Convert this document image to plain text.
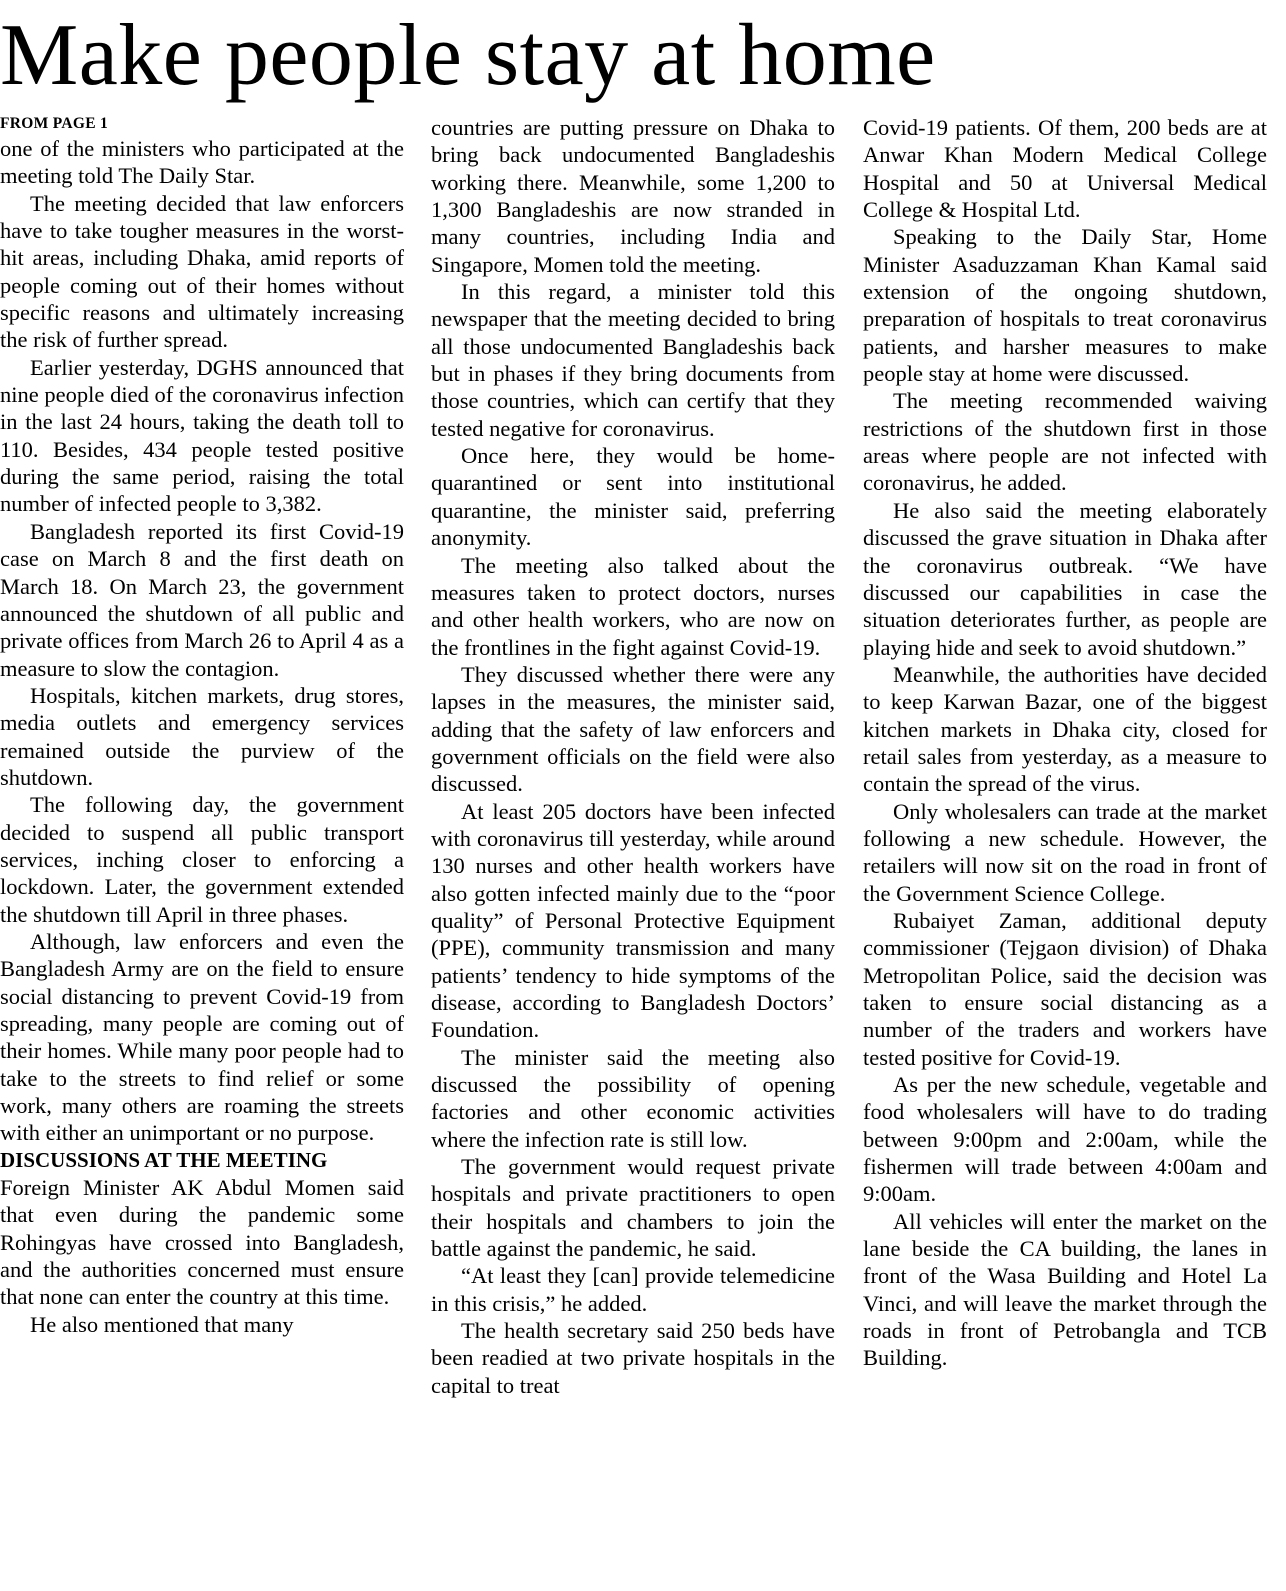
Make people stay at home
FROM PAGE 1

one of the ministers who participated at the meeting told The Daily Star.

The meeting decided that law enforcers have to take tougher measures in the worst-hit areas, including Dhaka, amid reports of people coming out of their homes without specific reasons and ultimately increasing the risk of further spread.

Earlier yesterday, DGHS announced that nine people died of the coronavirus infection in the last 24 hours, taking the death toll to 110. Besides, 434 people tested positive during the same period, raising the total number of infected people to 3,382.

Bangladesh reported its first Covid-19 case on March 8 and the first death on March 18. On March 23, the government announced the shutdown of all public and private offices from March 26 to April 4 as a measure to slow the contagion.

Hospitals, kitchen markets, drug stores, media outlets and emergency services remained outside the purview of the shutdown.

The following day, the government decided to suspend all public transport services, inching closer to enforcing a lockdown. Later, the government extended the shutdown till April in three phases.

Although, law enforcers and even the Bangladesh Army are on the field to ensure social distancing to prevent Covid-19 from spreading, many people are coming out of their homes. While many poor people had to take to the streets to find relief or some work, many others are roaming the streets with either an unimportant or no purpose.

DISCUSSIONS AT THE MEETING

Foreign Minister AK Abdul Momen said that even during the pandemic some Rohingyas have crossed into Bangladesh, and the authorities concerned must ensure that none can enter the country at this time.

He also mentioned that many

countries are putting pressure on Dhaka to bring back undocumented Bangladeshis working there. Meanwhile, some 1,200 to 1,300 Bangladeshis are now stranded in many countries, including India and Singapore, Momen told the meeting.

In this regard, a minister told this newspaper that the meeting decided to bring all those undocumented Bangladeshis back but in phases if they bring documents from those countries, which can certify that they tested negative for coronavirus.

Once here, they would be home-quarantined or sent into institutional quarantine, the minister said, preferring anonymity.

The meeting also talked about the measures taken to protect doctors, nurses and other health workers, who are now on the frontlines in the fight against Covid-19.

They discussed whether there were any lapses in the measures, the minister said, adding that the safety of law enforcers and government officials on the field were also discussed.

At least 205 doctors have been infected with coronavirus till yesterday, while around 130 nurses and other health workers have also gotten infected mainly due to the “poor quality” of Personal Protective Equipment (PPE), community transmission and many patients’ tendency to hide symptoms of the disease, according to Bangladesh Doctors’ Foundation.

The minister said the meeting also discussed the possibility of opening factories and other economic activities where the infection rate is still low.

The government would request private hospitals and private practitioners to open their hospitals and chambers to join the battle against the pandemic, he said.

“At least they [can] provide telemedicine in this crisis,” he added.

The health secretary said 250 beds have been readied at two private hospitals in the capital to treat

Covid-19 patients. Of them, 200 beds are at Anwar Khan Modern Medical College Hospital and 50 at Universal Medical College & Hospital Ltd.

Speaking to the Daily Star, Home Minister Asaduzzaman Khan Kamal said extension of the ongoing shutdown, preparation of hospitals to treat coronavirus patients, and harsher measures to make people stay at home were discussed.

The meeting recommended waiving restrictions of the shutdown first in those areas where people are not infected with coronavirus, he added.

He also said the meeting elaborately discussed the grave situation in Dhaka after the coronavirus outbreak. “We have discussed our capabilities in case the situation deteriorates further, as people are playing hide and seek to avoid shutdown.”

Meanwhile, the authorities have decided to keep Karwan Bazar, one of the biggest kitchen markets in Dhaka city, closed for retail sales from yesterday, as a measure to contain the spread of the virus.

Only wholesalers can trade at the market following a new schedule. However, the retailers will now sit on the road in front of the Government Science College.

Rubaiyet Zaman, additional deputy commissioner (Tejgaon division) of Dhaka Metropolitan Police, said the decision was taken to ensure social distancing as a number of the traders and workers have tested positive for Covid-19.

As per the new schedule, vegetable and food wholesalers will have to do trading between 9:00pm and 2:00am, while the fishermen will trade between 4:00am and 9:00am.

All vehicles will enter the market on the lane beside the CA building, the lanes in front of the Wasa Building and Hotel La Vinci, and will leave the market through the roads in front of Petrobangla and TCB Building.
